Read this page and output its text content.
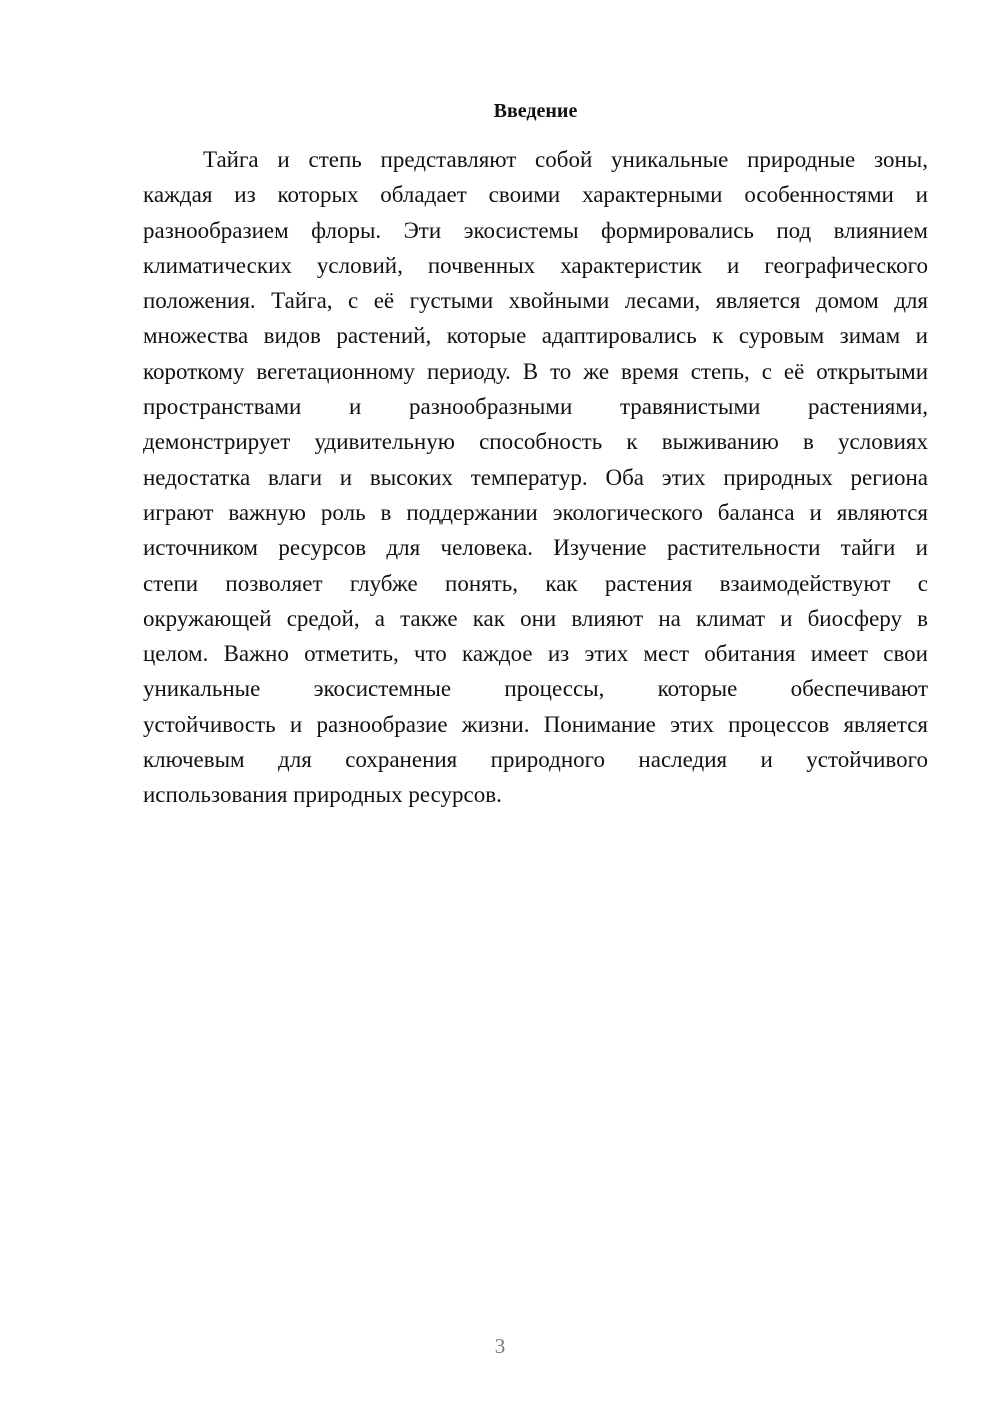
Введение
Тайга и степь представляют собой уникальные природные зоны,
каждая из которых обладает своими характерными особенностями и
разнообразием флоры. Эти экосистемы формировались под влиянием
климатических условий, почвенных характеристик и географического
положения. Тайга, с её густыми хвойными лесами, является домом для
множества видов растений, которые адаптировались к суровым зимам и
короткому вегетационному периоду. В то же время степь, с её открытыми
пространствами и разнообразными травянистыми растениями,
демонстрирует удивительную способность к выживанию в условиях
недостатка влаги и высоких температур. Оба этих природных региона
играют важную роль в поддержании экологического баланса и являются
источником ресурсов для человека. Изучение растительности тайги и
степи позволяет глубже понять, как растения взаимодействуют с
окружающей средой, а также как они влияют на климат и биосферу в
целом. Важно отметить, что каждое из этих мест обитания имеет свои
уникальные экосистемные процессы, которые обеспечивают
устойчивость и разнообразие жизни. Понимание этих процессов является
ключевым для сохранения природного наследия и устойчивого
использования природных ресурсов.
3
